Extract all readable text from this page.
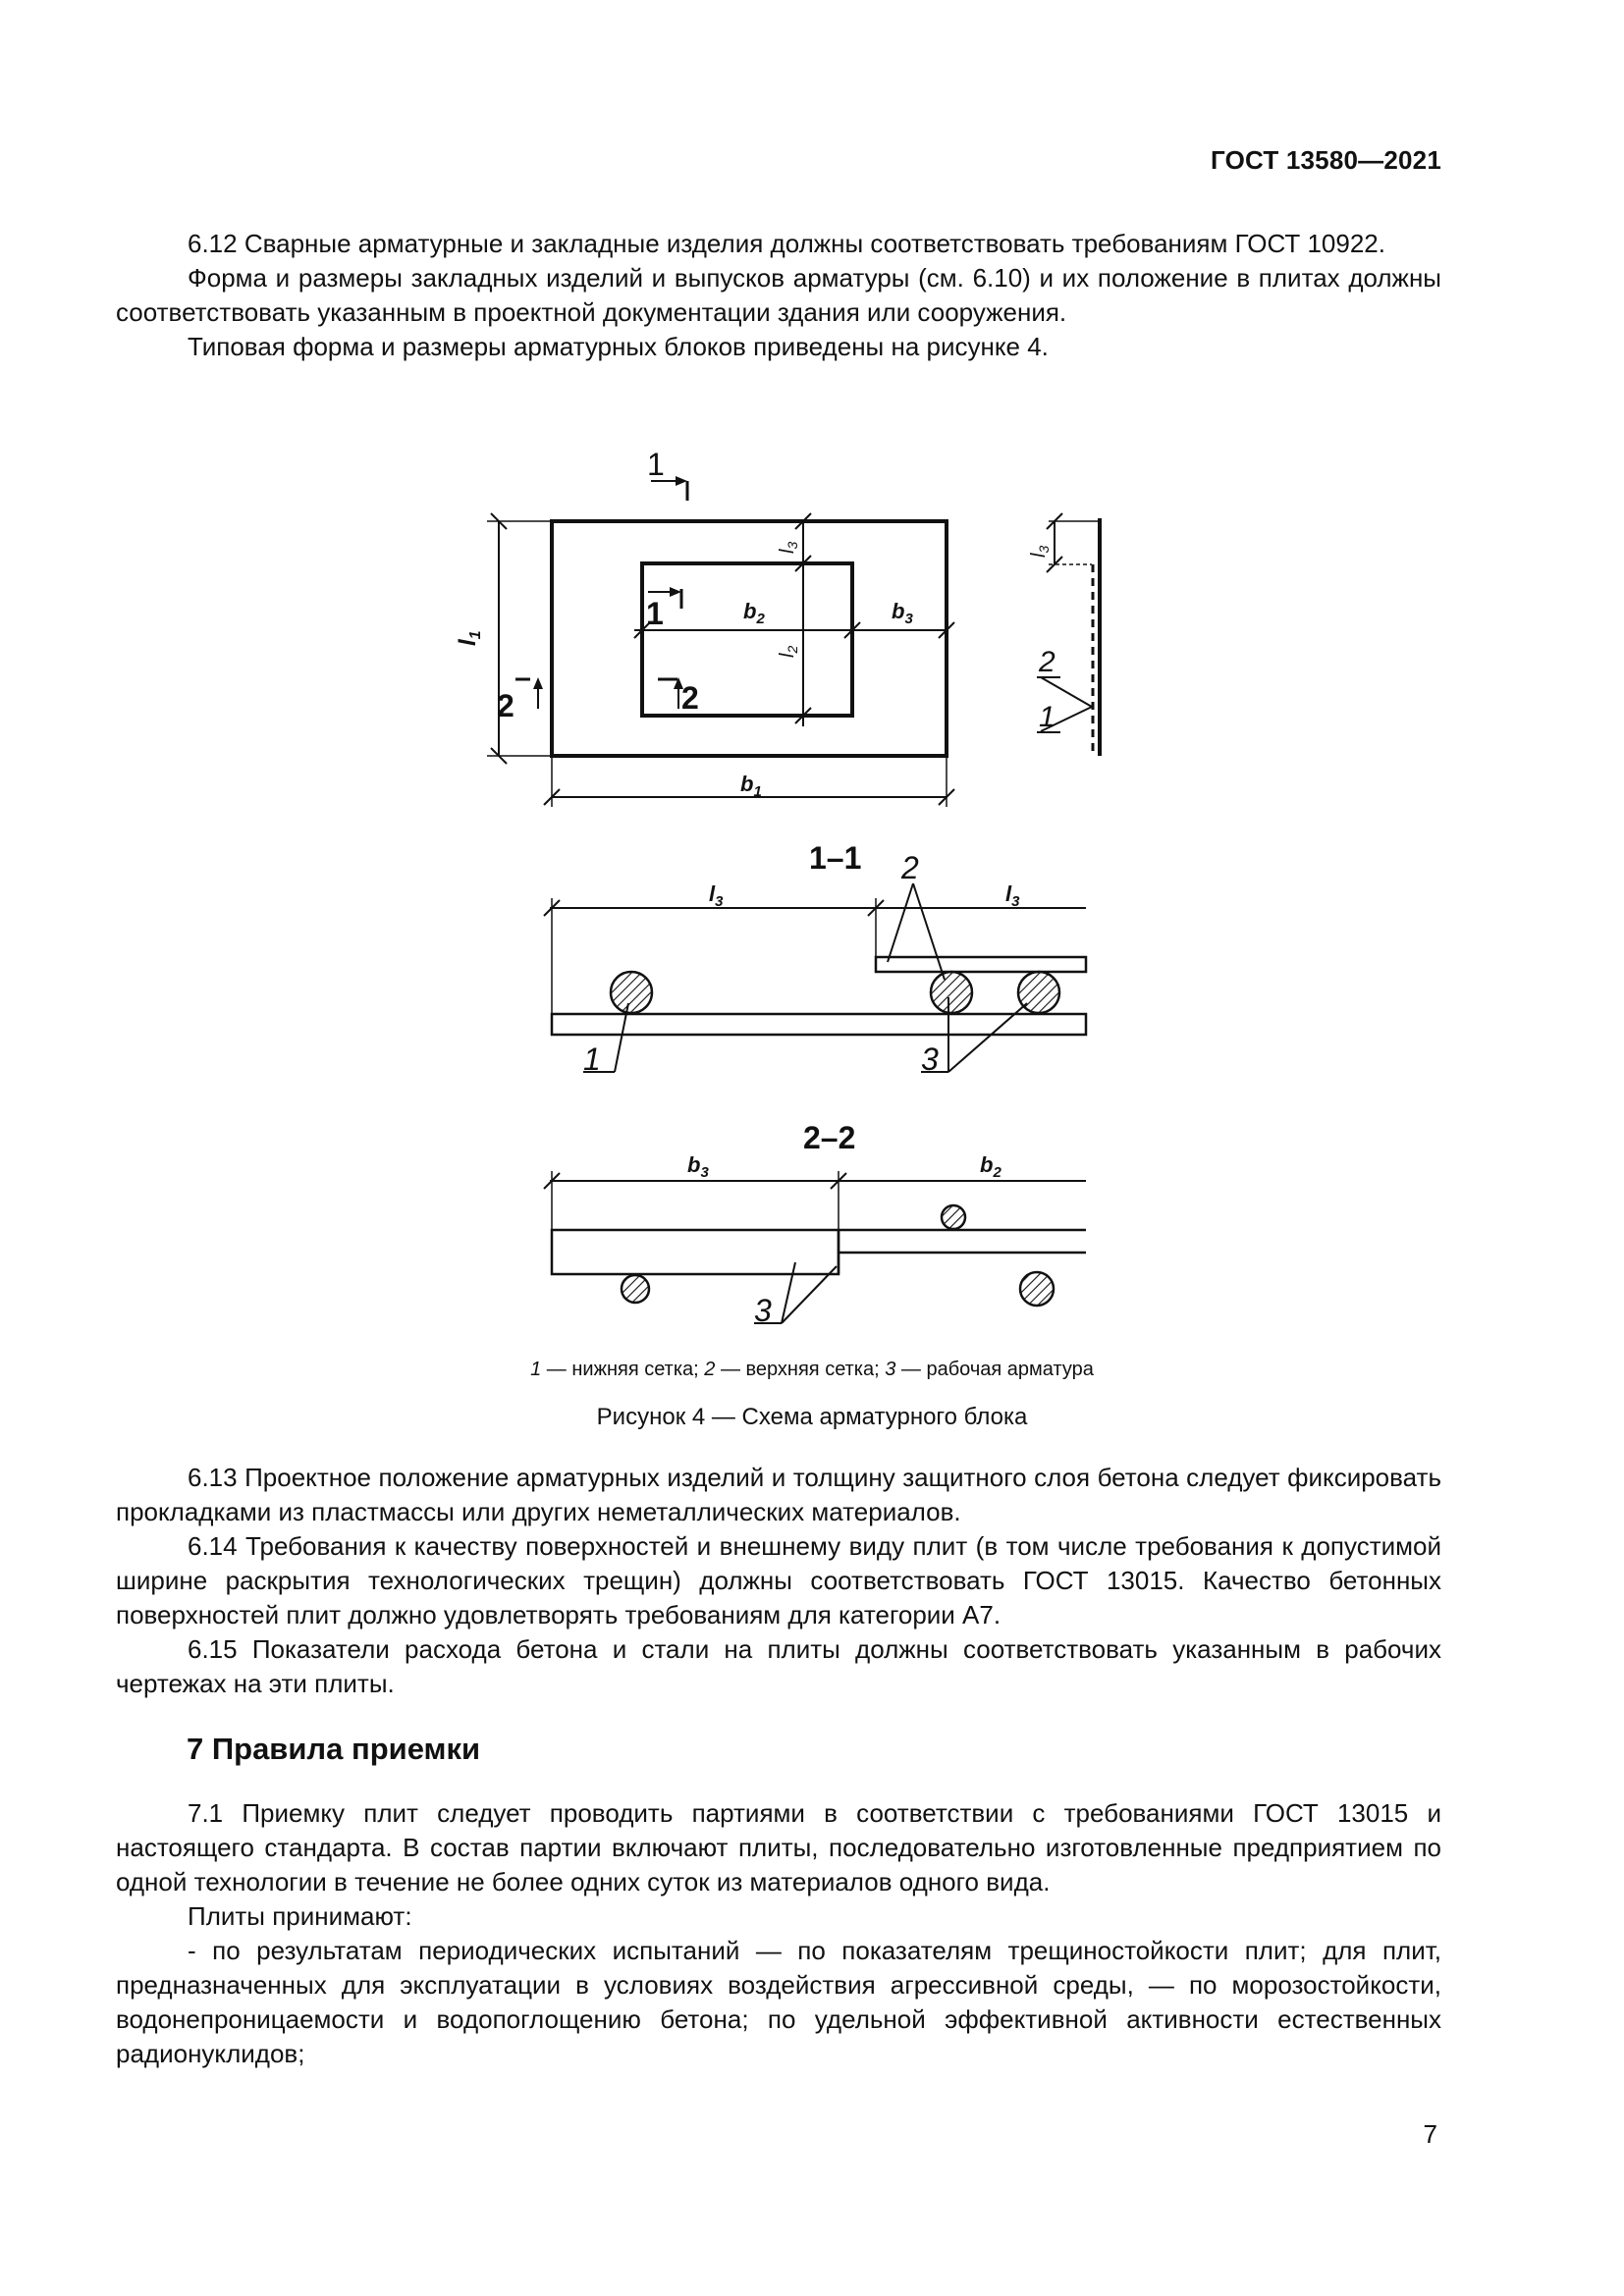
ГОСТ 13580—2021

6.12 Сварные арматурные и закладные изделия должны соответствовать требованиям ГОСТ 10922.

Форма и размеры закладных изделий и выпусков арматуры (см. 6.10) и их положение в плитах должны соответствовать указанным в проектной документации здания или сооружения.

Типовая форма и размеры арматурных блоков приведены на рисунке 4.

1
1
2	2
$b_2$	$b_3$
$b_1$
$l_1$
$l_2$
$l_3$
$l_3$
2
1
1–1
$l_3$	$l_3$
2
1	3
2–2
$b_3$	$b_2$
3
1 — нижняя сетка; 2 — верхняя сетка; 3 — рабочая арматура
Рисунок 4 — Схема арматурного блока

6.13 Проектное положение арматурных изделий и толщину защитного слоя бетона следует фиксировать прокладками из пластмассы или других неметаллических материалов.

6.14 Требования к качеству поверхностей и внешнему виду плит (в том числе требования к допустимой ширине раскрытия технологических трещин) должны соответствовать ГОСТ 13015. Качество бетонных поверхностей плит должно удовлетворять требованиям для категории А7.

6.15 Показатели расхода бетона и стали на плиты должны соответствовать указанным в рабочих чертежах на эти плиты.

7 Правила приемки

7.1 Приемку плит следует проводить партиями в соответствии с требованиями ГОСТ 13015 и настоящего стандарта. В состав партии включают плиты, последовательно изготовленные предприятием по одной технологии в течение не более одних суток из материалов одного вида.

Плиты принимают:

- по результатам периодических испытаний — по показателям трещиностойкости плит; для плит, предназначенных для эксплуатации в условиях воздействия агрессивной среды, — по морозостойкости, водонепроницаемости и водопоглощению бетона; по удельной эффективной активности естественных радионуклидов;

7
